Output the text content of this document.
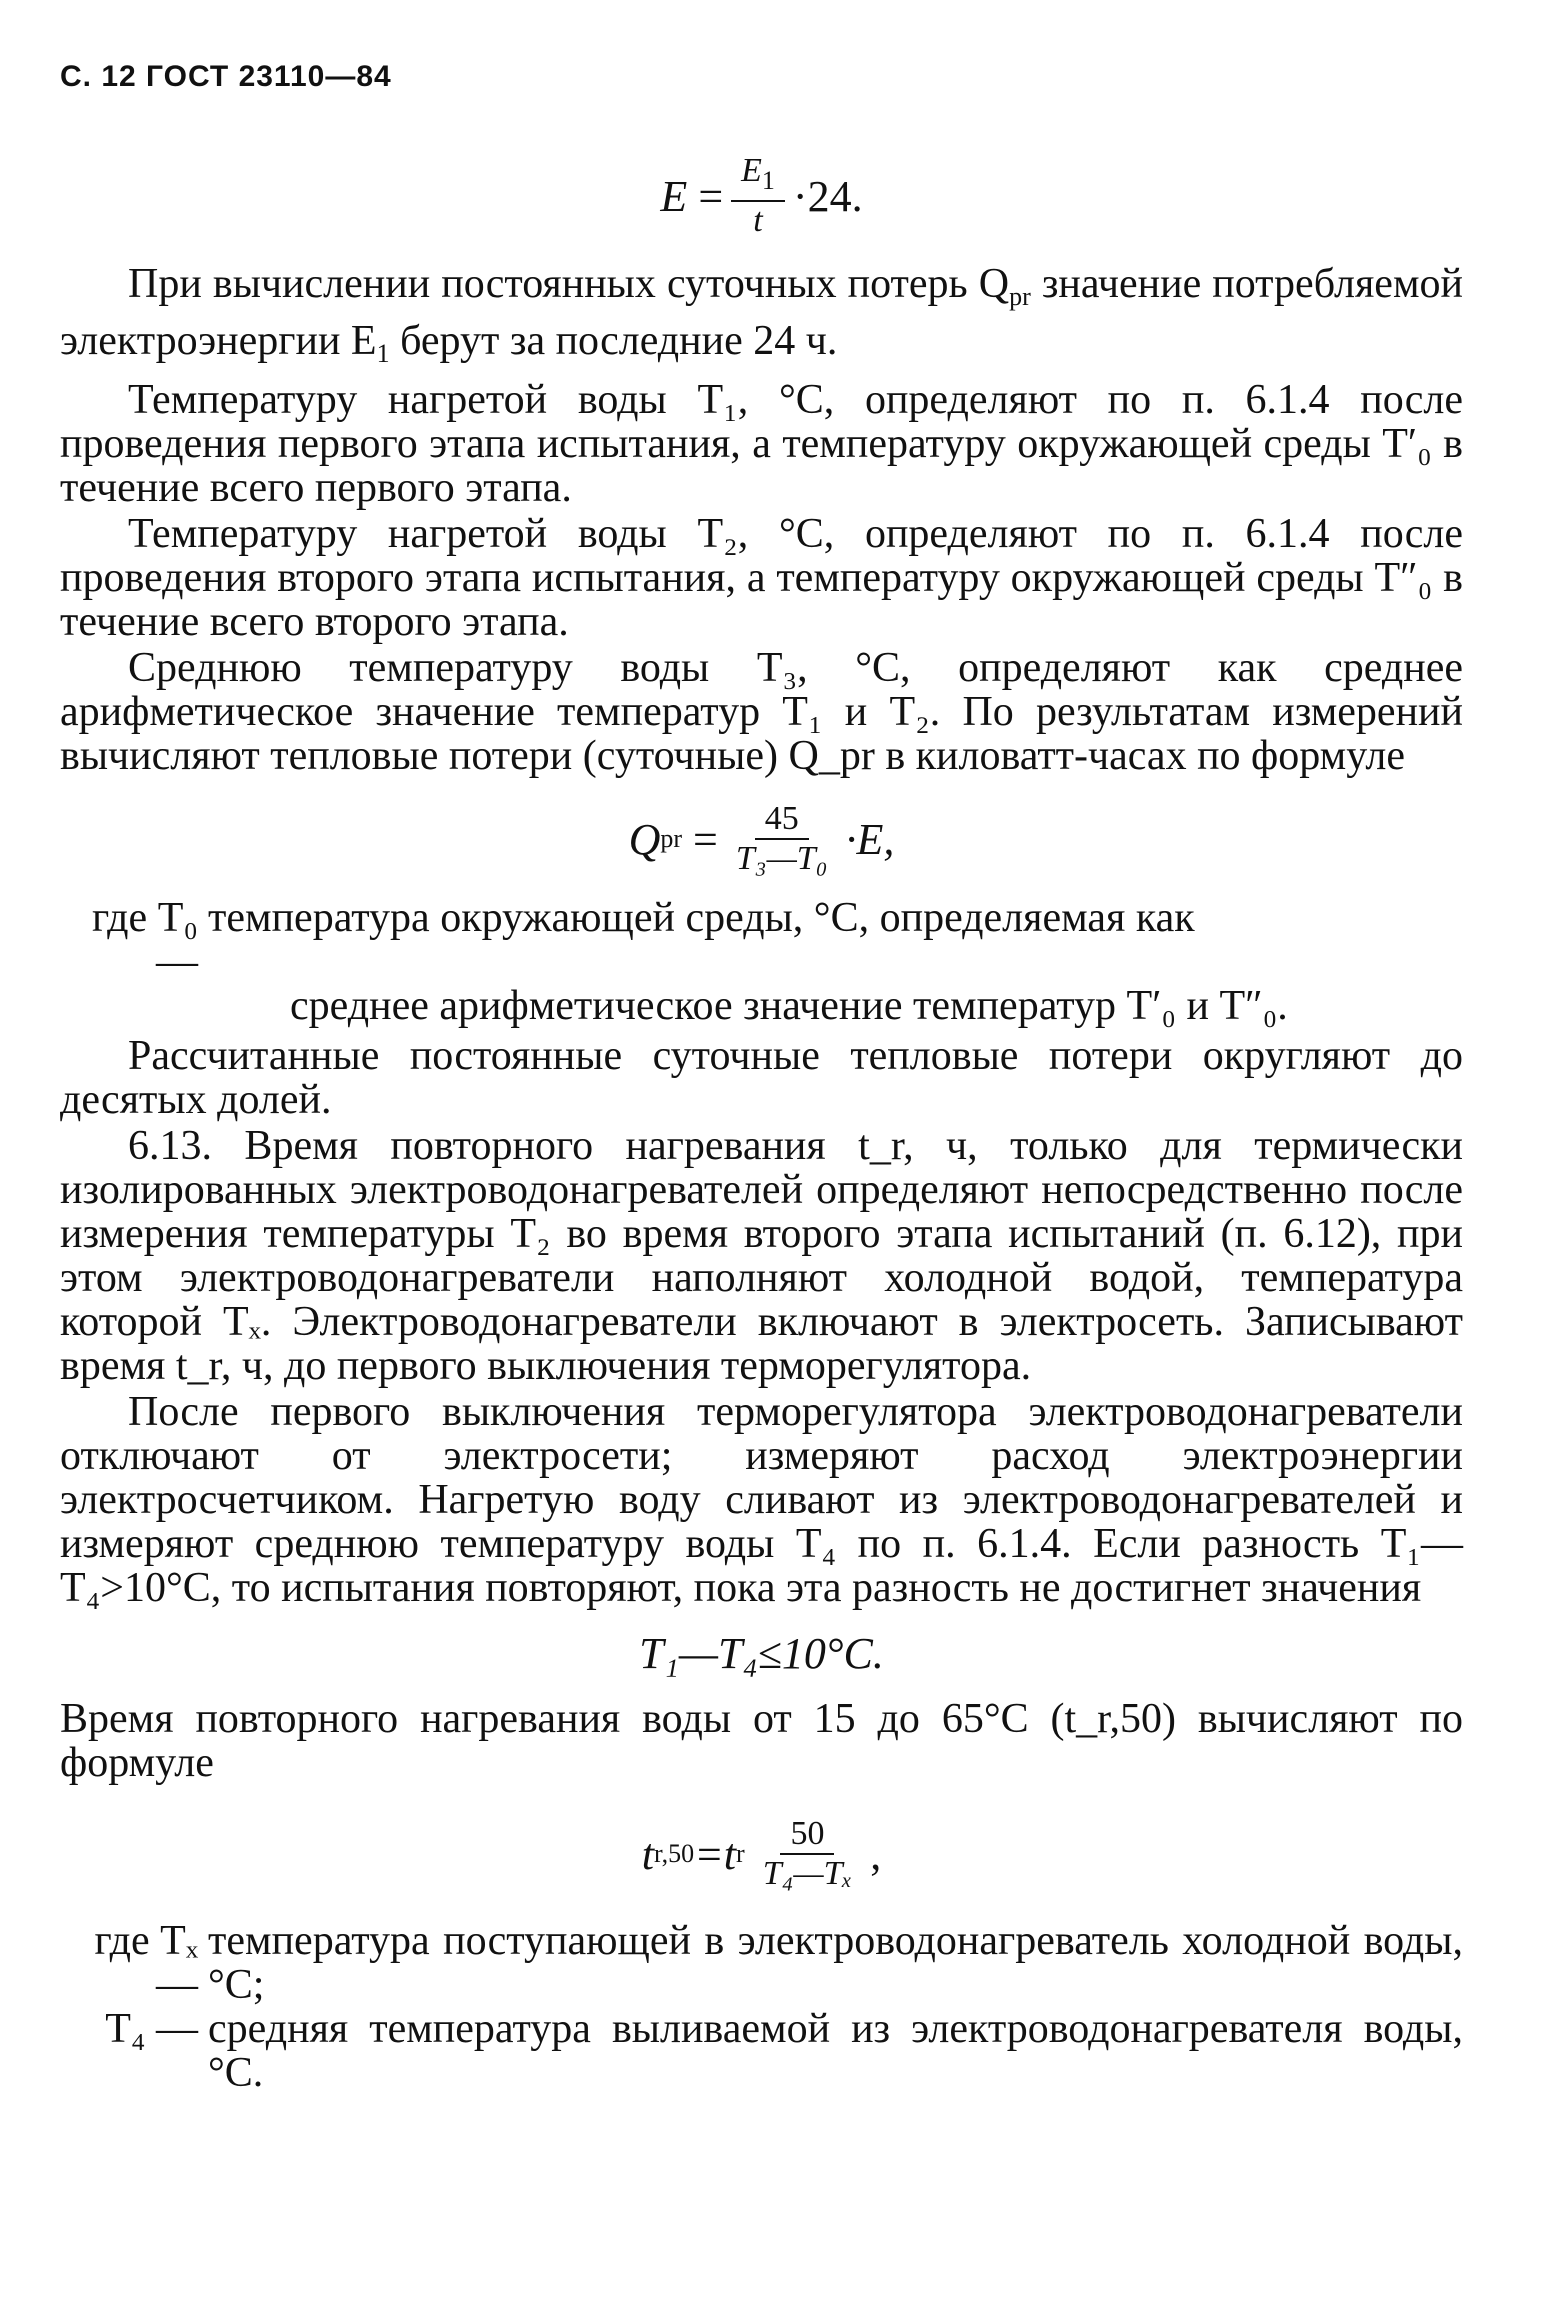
С. 12 ГОСТ 23110—84
$E = \frac{E_1}{t} \cdot 24$.

При вычислении постоянных суточных потерь Qpr значение потребляемой электроэнергии E1 берут за последние 24 ч.

Температуру нагретой воды T₁, °C, определяют по п. 6.1.4 после проведения первого этапа испытания, а температуру окружающей среды T′₀ в течение всего первого этапа.

Температуру нагретой воды T₂, °C, определяют по п. 6.1.4 после проведения второго этапа испытания, а температуру окружающей среды T″₀ в течение всего второго этапа.

Среднюю температуру воды T₃, °C, определяют как среднее арифметическое значение температур T₁ и T₂. По результатам измерений вычисляют тепловые потери (суточные) Q_pr в киловатт-часах по формуле

Q pr = $\frac{45}{\text{T₃—T₀}} \cdot E$,
где T₀ —
температура окружающей среды, °C, определяемая как

среднее арифметическое значение температур T′₀ и T″₀.

Рассчитанные постоянные суточные тепловые потери округляют до десятых долей.

6.13. Время повторного нагревания t_r, ч, только для термически изолированных электроводонагревателей определяют непосредственно после измерения температуры T₂ во время второго этапа испытаний (п. 6.12), при этом электроводонагреватели наполняют холодной водой, температура которой Tₓ. Электроводонагреватели включают в электросеть. Записывают время t_r, ч, до первого выключения терморегулятора.

После первого выключения терморегулятора электроводонагреватели отключают от электросети; измеряют расход электроэнергии электросчетчиком. Нагретую воду сливают из электроводонагревателей и измеряют среднюю температуру воды T₄ по п. 6.1.4. Если разность T₁—T₄>10°C, то испытания повторяют, пока эта разность не достигнет значения

T₁—T₄≤10°C.

Время повторного нагревания воды от 15 до 65°C (t_r,50) вычисляют по формуле

t r,50 =t r $\frac{50}{\text{T₄—Tₓ}}$ ,
где Tₓ —
температура поступающей в электроводонагреватель холодной воды, °C;
T₄ — средняя температура выливаемой из электроводонагревателя воды, °C.
